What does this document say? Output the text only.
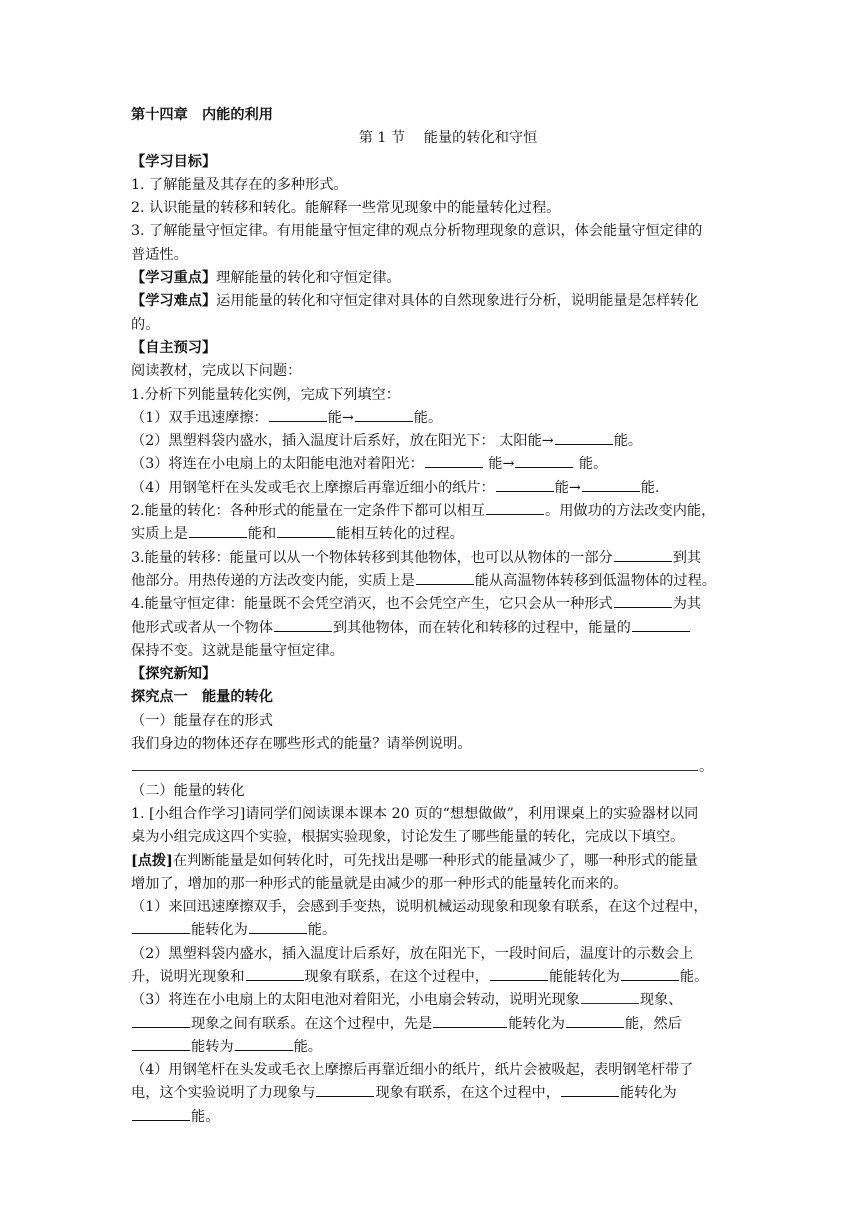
第十四章　内能的利用
第 1 节　 能量的转化和守恒
【学习目标】
1. 了解能量及其存在的多种形式。
2. 认识能量的转移和转化。能解释一些常见现象中的能量转化过程。
3. 了解能量守恒定律。有用能量守恒定律的观点分析物理现象的意识，体会能量守恒定律的
普适性。
【学习重点】理解能量的转化和守恒定律。
【学习难点】运用能量的转化和守恒定律对具体的自然现象进行分析，说明能量是怎样转化
的。
【自主预习】
阅读教材，完成以下问题：
1.分析下列能量转化实例，完成下列填空：
（1）双手迅速摩擦：	能→	能。
（2）黑塑料袋内盛水，插入温度计后系好，放在阳光下： 太阳能→	能。
（3）将连在小电扇上的太阳能电池对着阳光：	能→	能。
（4）用钢笔杆在头发或毛衣上摩擦后再靠近细小的纸片：	能→	能.
2.能量的转化：各种形式的能量在一定条件下都可以相互	。用做功的方法改变内能，
实质上是	能和	能相互转化的过程。
3.能量的转移：能量可以从一个物体转移到其他物体，也可以从物体的一部分	到其
他部分。用热传递的方法改变内能，实质上是	能从高温物体转移到低温物体的过程。
4.能量守恒定律：能量既不会凭空消灭，也不会凭空产生，它只会从一种形式	为其
他形式或者从一个物体	到其他物体，而在转化和转移的过程中，能量的
保持不变。这就是能量守恒定律。
【探究新知】
探究点一　能量的转化
（一）能量存在的形式
我们身边的物体还存在哪些形式的能量？请举例说明。
。
（二）能量的转化
1. [小组合作学习]请同学们阅读课本课本 20 页的“想想做做”，利用课桌上的实验器材以同
桌为小组完成这四个实验，根据实验现象，讨论发生了哪些能量的转化，完成以下填空。
[点拨]在判断能量是如何转化时，可先找出是哪一种形式的能量减少了，哪一种形式的能量
增加了，增加的那一种形式的能量就是由减少的那一种形式的能量转化而来的。
（1）来回迅速摩擦双手，会感到手变热，说明机械运动现象和现象有联系，在这个过程中，
能转化为	能。
（2）黑塑料袋内盛水，插入温度计后系好，放在阳光下，一段时间后，温度计的示数会上
升，说明光现象和	现象有联系，在这个过程中，	能能转化为	能。
（3）将连在小电扇上的太阳电池对着阳光，小电扇会转动，说明光现象	现象、
现象之间有联系。在这个过程中，先是	能转化为	能，然后
能转为	能。
（4）用钢笔杆在头发或毛衣上摩擦后再靠近细小的纸片，纸片会被吸起，表明钢笔杆带了
电，这个实验说明了力现象与	现象有联系，在这个过程中，	能转化为
能。
